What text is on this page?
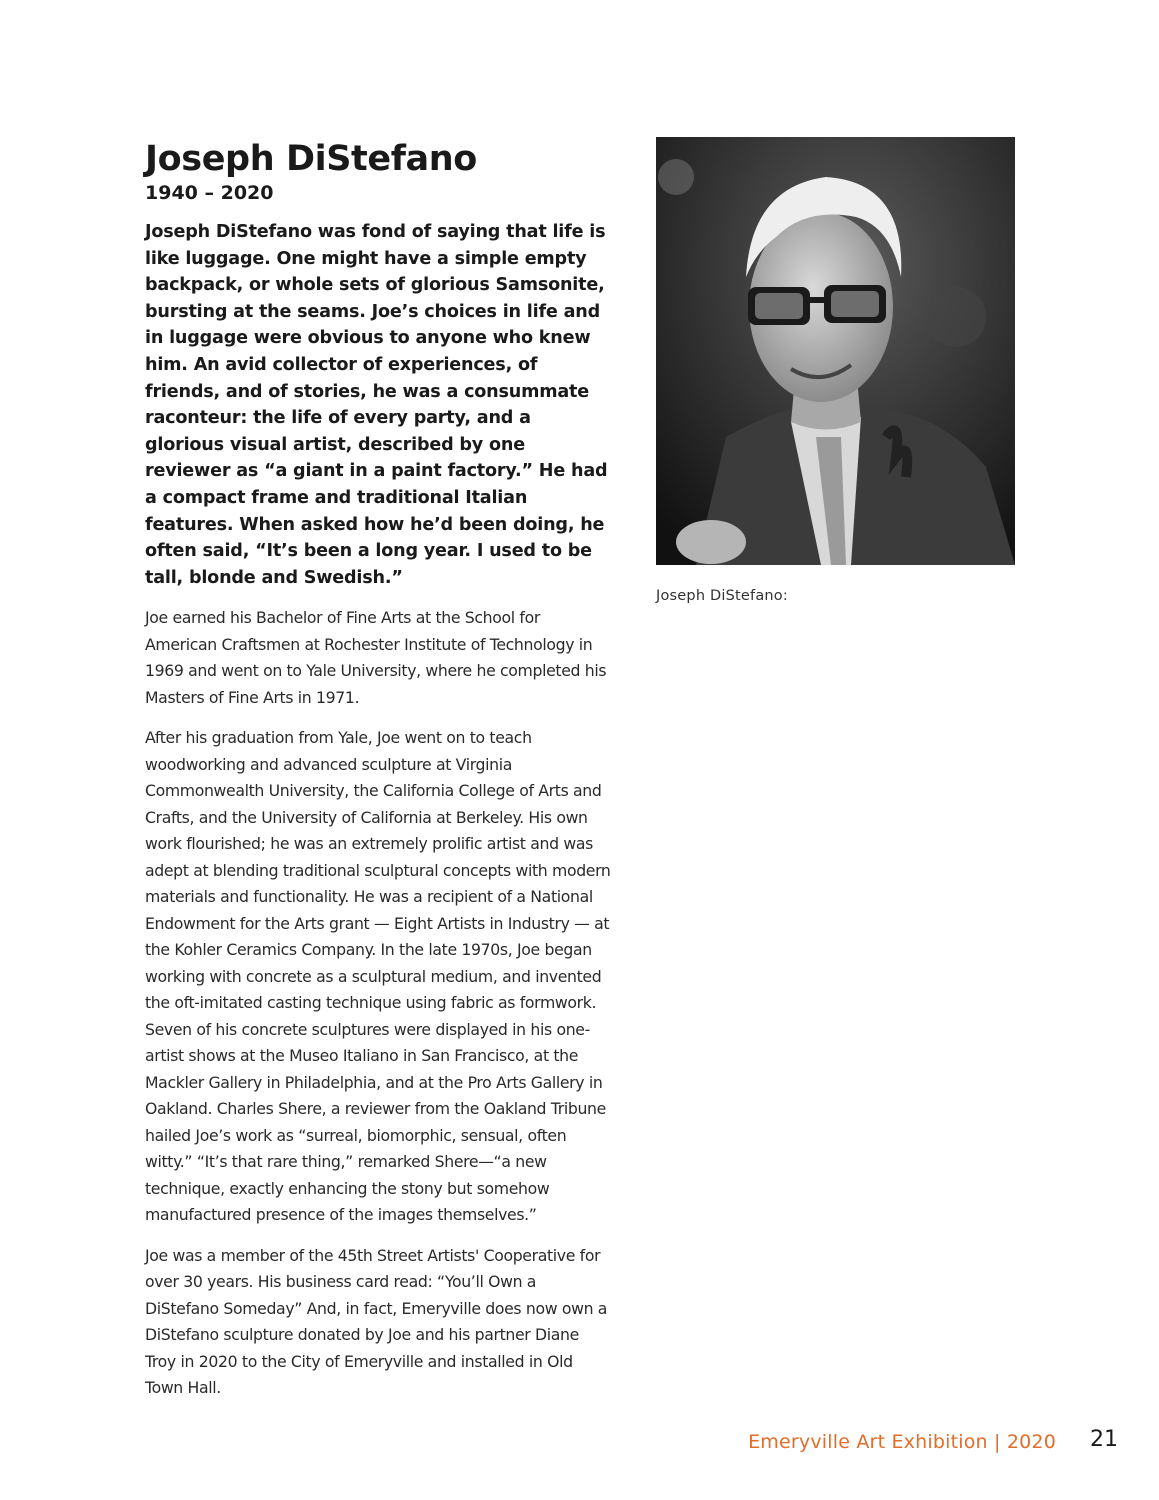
Joseph DiStefano
1940 – 2020

Joseph DiStefano was fond of saying that life is like luggage. One might have a simple empty backpack, or whole sets of glorious Samsonite, bursting at the seams. Joe’s choices in life and in luggage were obvious to anyone who knew him. An avid collector of experiences, of friends, and of stories, he was a consummate raconteur: the life of every party, and a glorious visual artist, described by one reviewer as “a giant in a paint factory.” He had a compact frame and traditional Italian features. When asked how he’d been doing, he often said, “It’s been a long year. I used to be tall, blonde and Swedish.”

Joe earned his Bachelor of Fine Arts at the School for American Craftsmen at Rochester Institute of Technology in 1969 and went on to Yale University, where he completed his Masters of Fine Arts in 1971.

After his graduation from Yale, Joe went on to teach woodworking and advanced sculpture at Virginia Commonwealth University, the California College of Arts and Crafts, and the University of California at Berkeley. His own work flourished; he was an extremely prolific artist and was adept at blending traditional sculptural concepts with modern materials and functionality. He was a recipient of a National Endowment for the Arts grant — Eight Artists in Industry — at the Kohler Ceramics Company. In the late 1970s, Joe began working with concrete as a sculptural medium, and invented the oft-imitated casting technique using fabric as formwork. Seven of his concrete sculptures were displayed in his one-artist shows at the Museo Italiano in San Francisco, at the Mackler Gallery in Philadelphia, and at the Pro Arts Gallery in Oakland. Charles Shere, a reviewer from the Oakland Tribune hailed Joe’s work as “surreal, biomorphic, sensual, often witty.” “It’s that rare thing,” remarked Shere—“a new technique, exactly enhancing the stony but somehow manufactured presence of the images themselves.”

Joe was a member of the 45th Street Artists' Cooperative for over 30 years. His business card read: “You’ll Own a DiStefano Someday” And, in fact, Emeryville does now own a DiStefano sculpture donated by Joe and his partner Diane Troy in 2020 to the City of Emeryville and installed in Old Town Hall.

Joseph DiStefano:
Emeryville Art Exhibition | 2020 21
